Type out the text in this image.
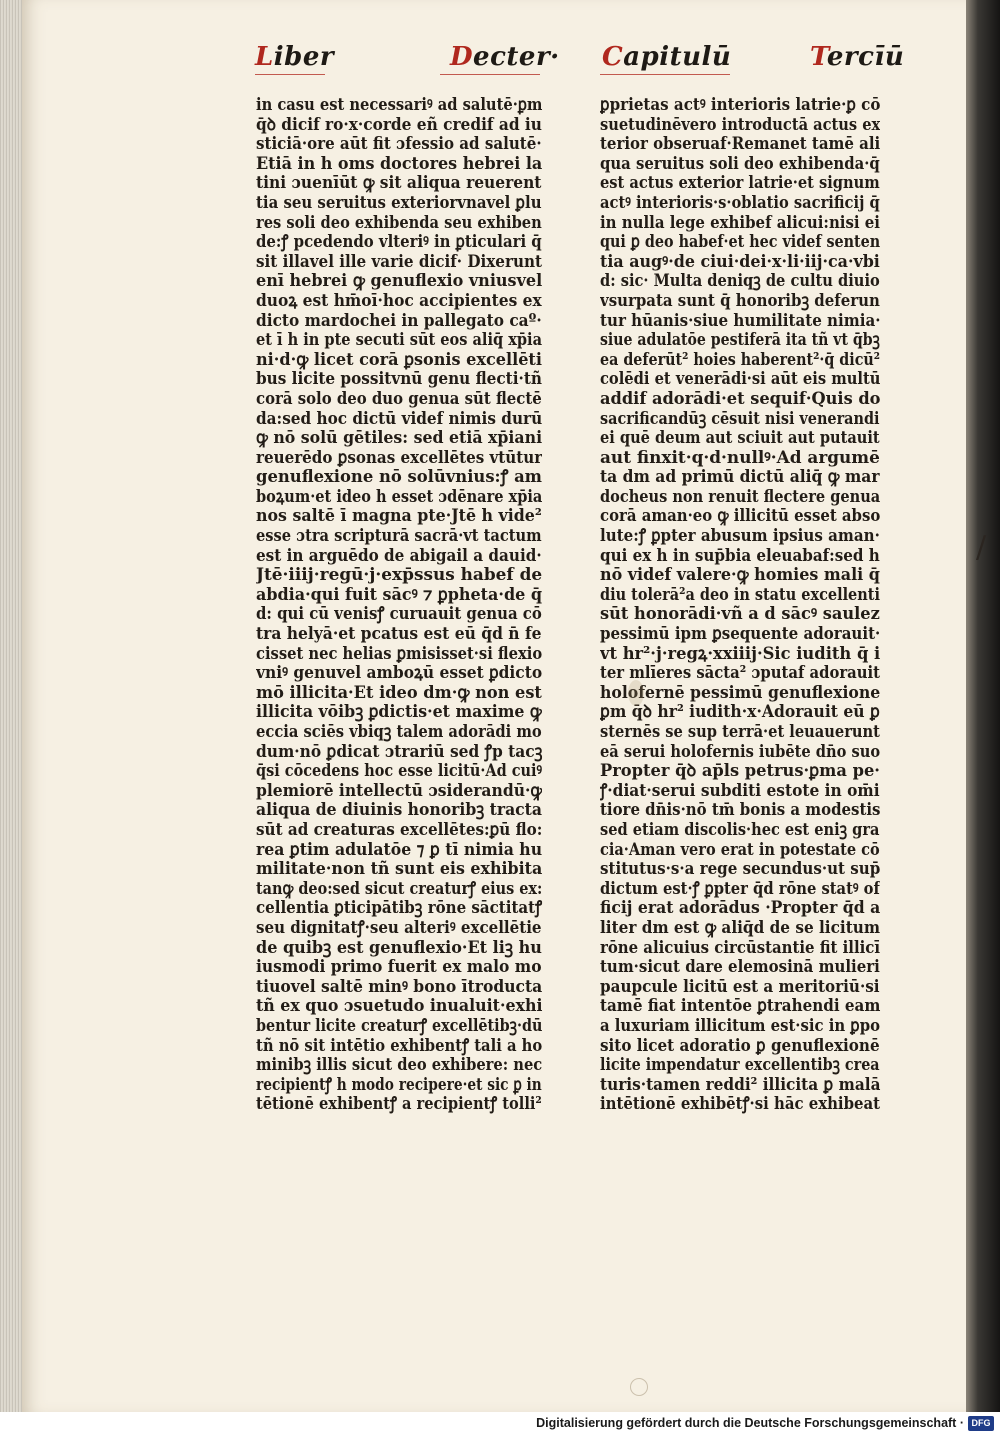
Liber	Decter· Capitulū	Tercīū
in casu est necessariꝰ ad salutē·ꝑm
q̄ꝺ dicif ro·x·corde eñ credif ad iu
sticiā·ore aūt fit ɔfessio ad salutē·
Etiā in h̄ oms doctores hebrei la
tini ɔuenīūt ꝙ sit aliqua reuerent
tia seu seruitus exteriorvnavel ꝑlu
res soli deo exhibenda seu exhiben
de:ꝭ pcedendo vlteriꝰ in ꝑticulari q̄
sit illavel ille varie dicif· Dixerunt
enī hebrei ꝙ genuflexio vniusvel
duoꝝ est hm̄oī·hoc accipientes ex
dicto mardochei in pallegato caº·
et ī h̄ in pte secuti sūt eos aliq̄ xp̄ia
ni·d·ꝙ licet corā ꝑsonis excellēti
bus licite possitvnū genu flecti·tñ
corā solo deo duo genua sūt flectē
da:sed hoc dictū videf nimis durū
ꝙ nō solū gētiles: sed etiā xp̄iani
reuerēdo ꝑsonas excellētes vtūtur
genuflexione nō solūvnius:ꝭ am
boꝝum·et ideo h̄ esset ɔdēnare xp̄ia
nos saltē ī magna pte·Jtē h̄ vide²
esse ɔtra scripturā sacrā·vt tactum
est in arguēdo de abigail a dauid·
Jtē·iiij·regū·j·exp̄ssus habef de
abdia·qui fuit sācꝰ ⁊ ꝑpheta·de q̄
d: qui cū venisꝭ curuauit genua cō
tra helyā·et pcatus est eū q̄d n̄ fe
cisset nec helias ꝑmisisset·si flexio
vniꝰ genuvel amboꝝū esset ꝑdicto
mō illicita·Et ideo d̄m·ꝙ non est
illicita vōibꝫ ꝑdictis·et maxime ꝙ
eccia sciēs vbiqꝫ talem adorādi mo
dum·nō ꝑdicat ɔtrariū sed ꝭp tacꝫ
q̄si cōcedens hoc esse licitū·Ad cuiꝰ
plemiorē intellectū ɔsiderandū·ꝙ
aliqua de diuinis honoribꝫ tracta
sūt ad creaturas excellētes:ꝑū flo:
rea ꝑtim adulatōe ⁊ ꝑ tī nimia hu
militate·non tñ sunt eis exhibita
tanꝙ deo:sed sicut creaturꝭ eius ex:
cellentia ꝑticipātibꝫ rōne sāctitatꝭ
seu dignitatꝭ·seu alteriꝰ excellētie
de quibꝫ est genuflexio·Et liꝫ hu
iusmodi primo fuerit ex malo mo
tiuovel saltē minꝰ bono ītroducta
tñ ex quo ɔsuetudo inualuit·exhi
bentur licite creaturꝭ excellētibꝫ·dū
tñ nō sit intētio exhibentꝭ tali a ho
minibꝫ illis sicut deo exhibere: nec
recipientꝭ h̄ modo recipere·et sic ꝑ in
tētionē exhibentꝭ a recipientꝭ tolli²
ꝑprietas actꝰ interioris latrie·ꝑ cō
suetudinēvero introductā actus ex
terior obseruaf·Remanet tamē ali
qua seruitus soli deo exhibenda·q̄
est actus exterior latrie·et signum
actꝰ interioris·s·oblatio sacrificij q̄
in nulla lege exhibef alicui:nisi ei
qui ꝑ deo habef·et hec videf senten
tia augꝰ·de ciui·dei·x·li·iij·ca·vbi
d: sic· Multa deniqꝫ de cultu diuio
vsurpata sunt q̄ honoribꝫ deferun
tur hūanis·siue humilitate nimia·
siue adulatōe pestiferā ita tñ vt q̄bꝫ
ea deferūt² hoies haberent²·q̄ dicū²
colēdi et venerādi·si aūt eis multū
addif adorādi·et sequif·Quis do
sacrificandūꝫ cēsuit nisi venerandi
ei quē deum aut sciuit aut putauit
aut finxit·q·d·nullꝰ·Ad argumē
ta d̄m ad primū dictū aliq̄ ꝙ mar
docheus non renuit flectere genua
corā aman·eo ꝙ illicitū esset abso
lute:ꝭ ꝑpter abusum ipsius aman·
qui ex h̄ in sup̄bia eleuabaf:sed h̄
nō videf valere·ꝙ homies mali q̄
diu tolerā²a deo in statu excellenti
sūt honorādi·vñ a d̄ sācꝰ saulez
pessimū ipm ꝑsequente adorauit·
vt hr²·j·regꝝ·xxiiij·Sic iudith q̄ i
ter mlīeres sācta² ɔputaf adorauit
holofernē pessimū genuflexione
ꝑm q̄ꝺ hr² iudith·x·Adorauit eū ꝑ
sternēs se sup terrā·et leuauerunt
eā serui holofernis iubēte dn̄o suo
Propter q̄ꝺ ap̄ls petrus·ꝑma pe·
ꝭ·diat·serui subditi estote in om̄i
tiore dn̄is·nō tm̄ bonis a modestis
sed etiam discolis·hec est eniꝫ gra
cia·Aman vero erat in potestate cō
stitutus·s·a rege secundus·ut sup̄
dictum est·ꝭ ꝑpter q̄d rōne statꝰ of
ficij erat adorādus ·Propter q̄d a
liter d̄m est ꝙ aliq̄d de se licitum
rōne alicuius circūstantie fit illicī
tum·sicut dare elemosinā mulieri
paupcule licitū est a meritoriū·si
tamē fiat intentōe ꝑtrahendi eam
a luxuriam illicitum est·sic in ꝑpo
sito licet adoratio ꝑ genuflexionē
licite impendatur excellentibꝫ crea
turis·tamen reddi² illicita ꝑ malā
intētionē exhibētꝭ·si hāc exhibeat
/
Digitalisierung gefördert durch die Deutsche Forschungsgemeinschaft · DFG
